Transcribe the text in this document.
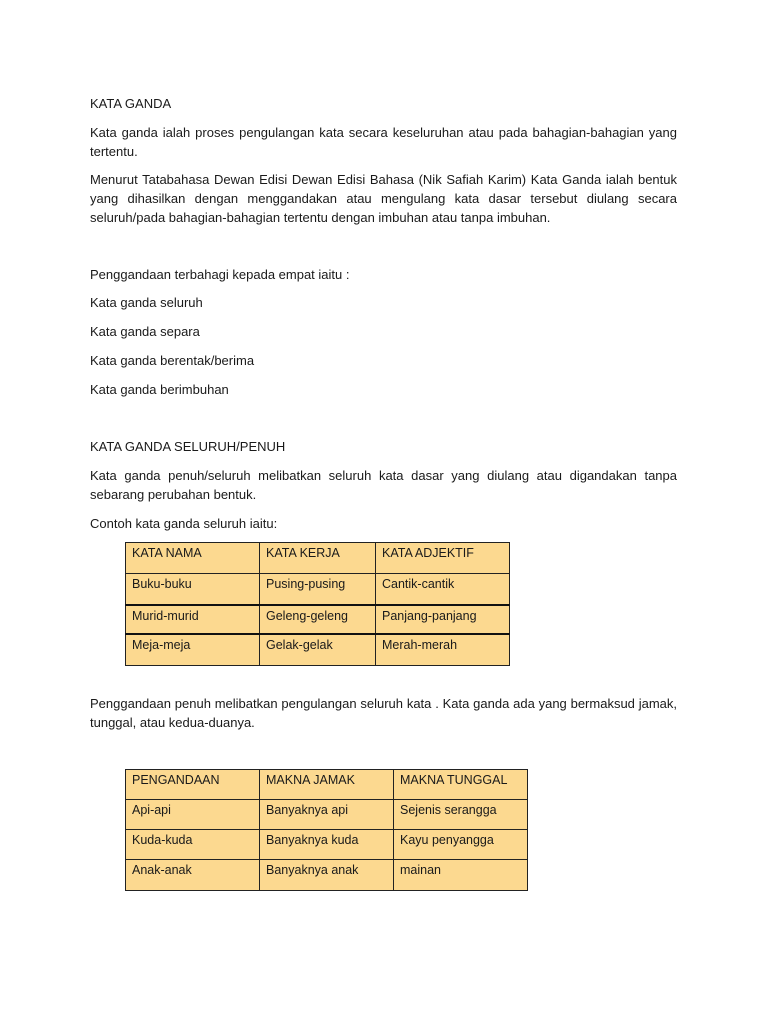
KATA GANDA
Kata ganda ialah proses pengulangan kata secara keseluruhan atau pada bahagian-bahagian yang tertentu.
Menurut Tatabahasa Dewan Edisi Dewan Edisi Bahasa (Nik Safiah Karim) Kata Ganda ialah bentuk yang dihasilkan dengan menggandakan atau mengulang kata dasar tersebut diulang secara seluruh/pada bahagian-bahagian tertentu dengan imbuhan atau tanpa imbuhan.
Penggandaan terbahagi kepada empat iaitu :
Kata ganda seluruh
Kata ganda separa
Kata ganda berentak/berima
Kata ganda berimbuhan
KATA GANDA SELURUH/PENUH
Kata ganda penuh/seluruh melibatkan seluruh kata dasar yang diulang atau digandakan tanpa sebarang perubahan bentuk.
Contoh kata ganda seluruh iaitu:
KATA NAMA	KATA KERJA	KATA ADJEKTIF
Buku-buku	Pusing-pusing	Cantik-cantik
Murid-murid	Geleng-geleng	Panjang-panjang
Meja-meja	Gelak-gelak	Merah-merah
Penggandaan penuh melibatkan pengulangan seluruh kata . Kata ganda ada yang bermaksud jamak, tunggal, atau kedua-duanya.
PENGANDAAN	MAKNA JAMAK	MAKNA TUNGGAL
Api-api	Banyaknya api	Sejenis serangga
Kuda-kuda	Banyaknya kuda	Kayu penyangga
Anak-anak	Banyaknya anak	mainan
